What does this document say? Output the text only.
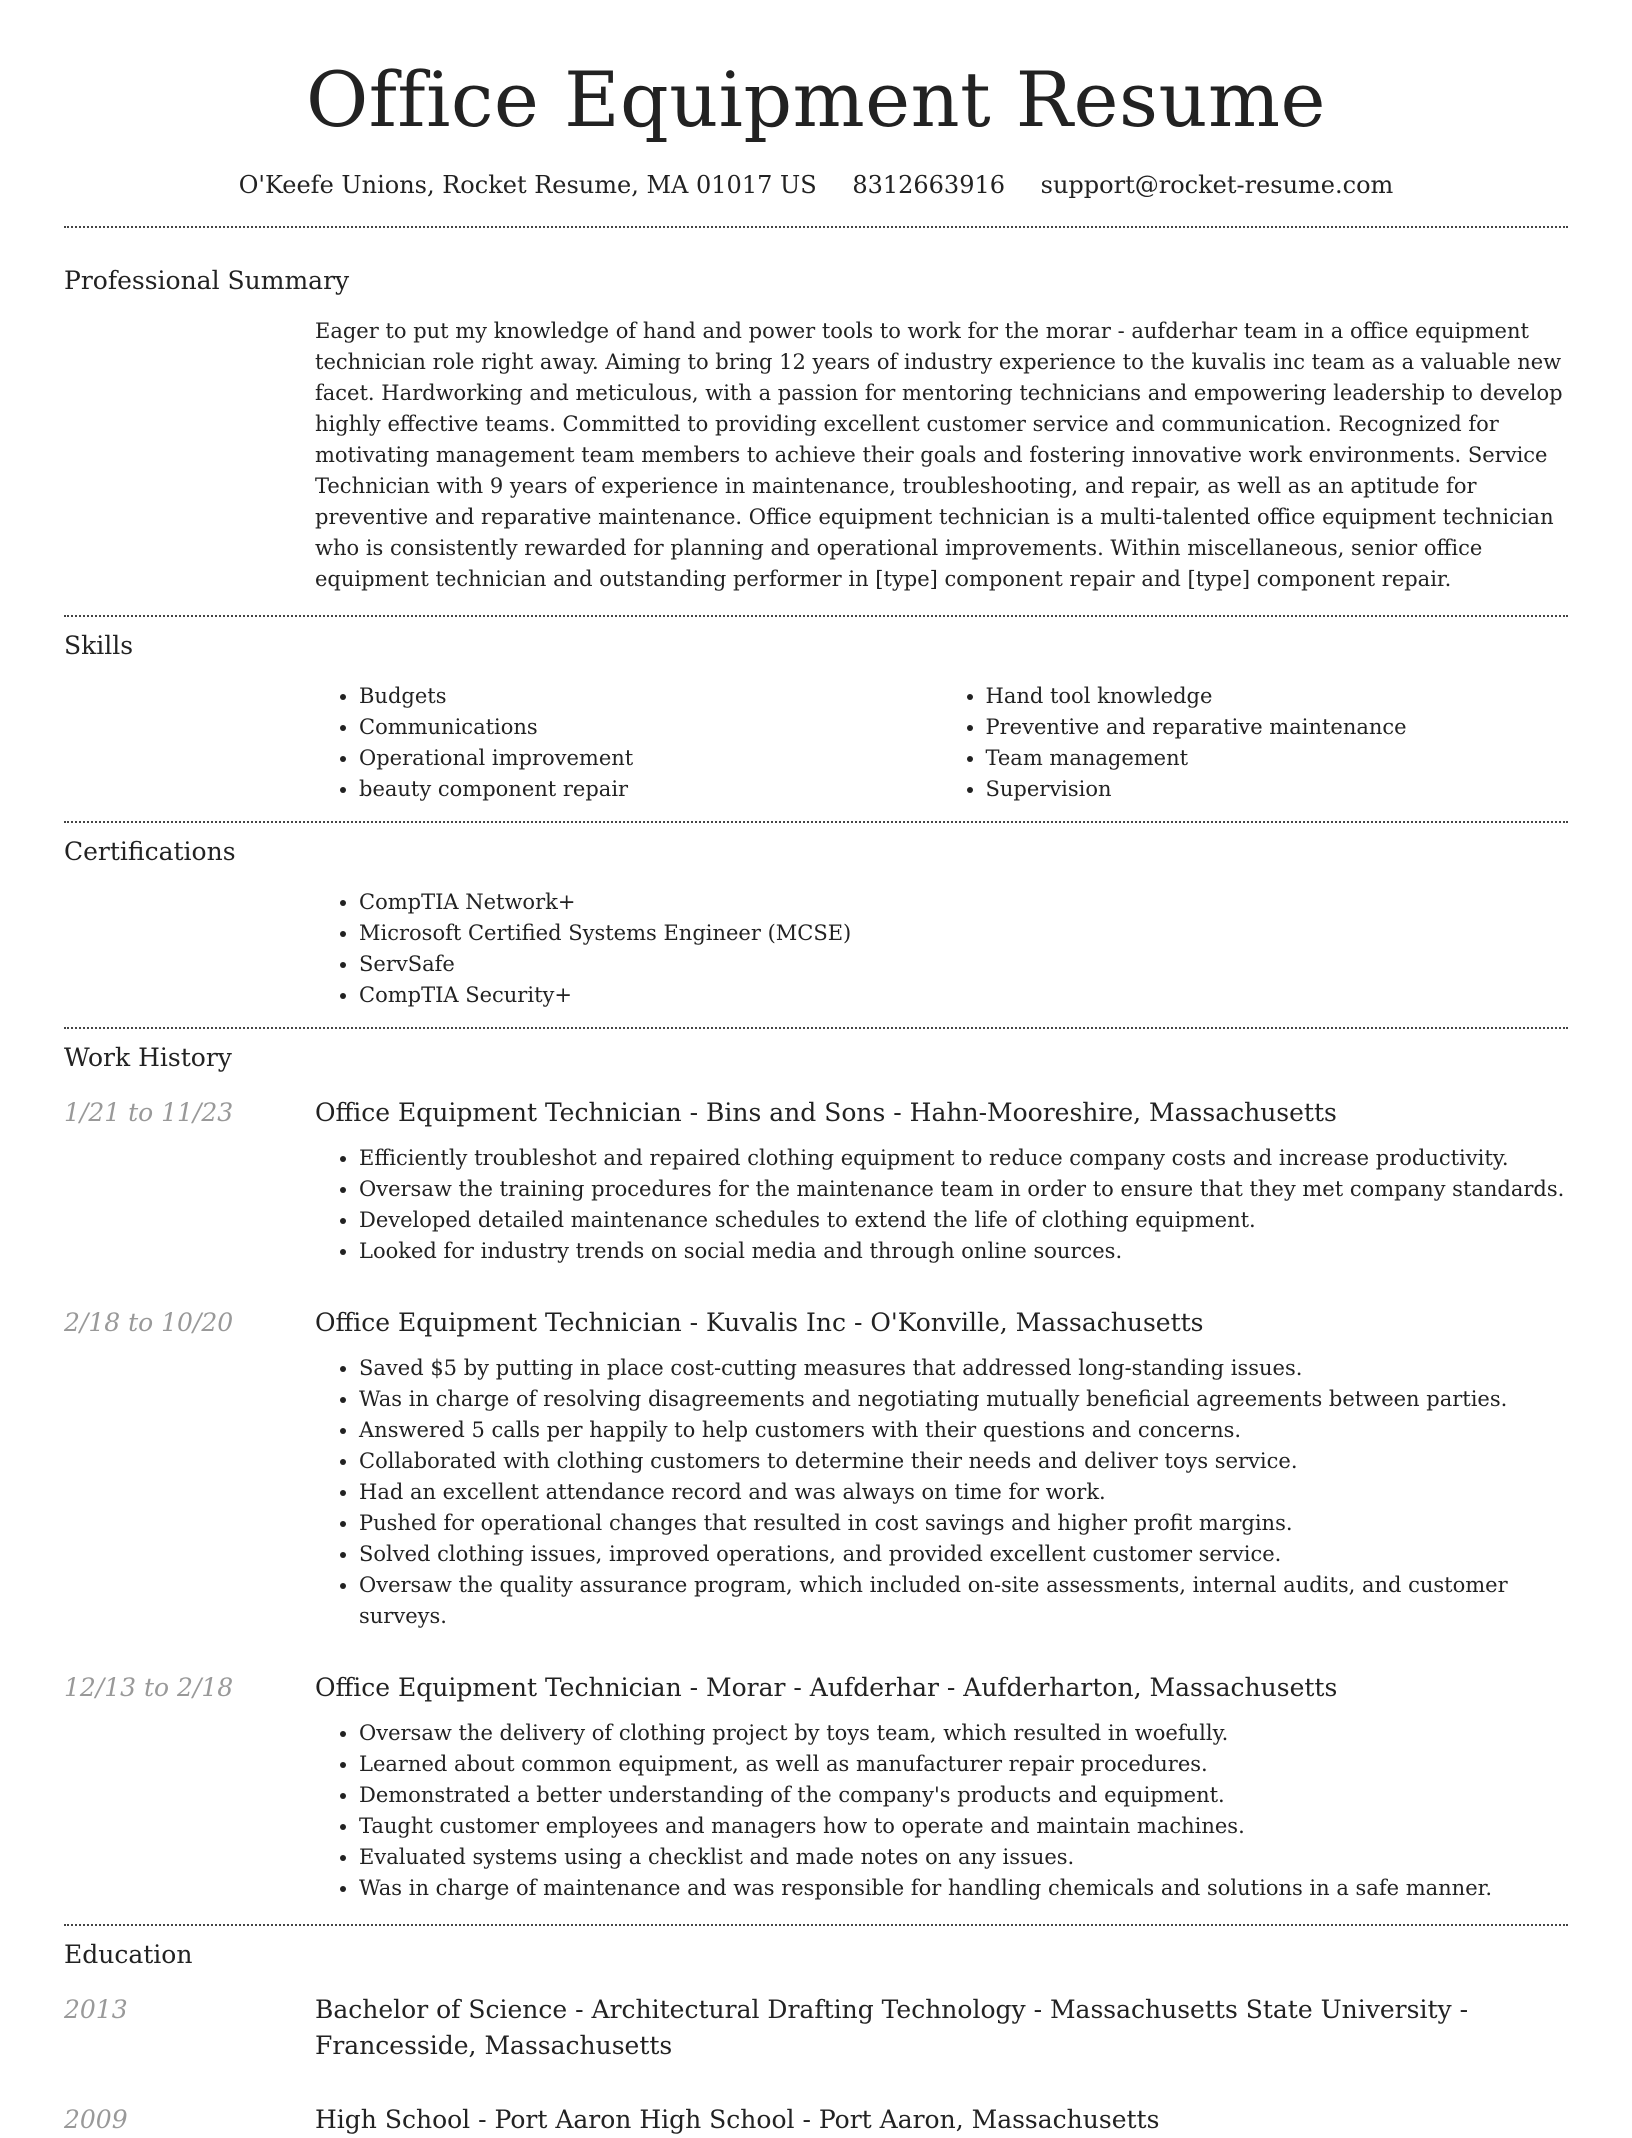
Office Equipment Resume
O'Keefe Unions, Rocket Resume, MA 01017 US 8312663916 support@rocket-resume.com
Professional Summary

Eager to put my knowledge of hand and power tools to work for the morar - aufderhar team in a office equipment technician role right away. Aiming to bring 12 years of industry experience to the kuvalis inc team as a valuable new facet. Hardworking and meticulous, with a passion for mentoring technicians and empowering leadership to develop highly effective teams. Committed to providing excellent customer service and communication. Recognized for motivating management team members to achieve their goals and fostering innovative work environments. Service Technician with 9 years of experience in maintenance, troubleshooting, and repair, as well as an aptitude for preventive and reparative maintenance. Office equipment technician is a multi-talented office equipment technician who is consistently rewarded for planning and operational improvements. Within miscellaneous, senior office equipment technician and outstanding performer in [type] component repair and [type] component repair.

Skills
• Budgets
• Communications
• Operational improvement
• beauty component repair
• Hand tool knowledge
• Preventive and reparative maintenance
• Team management
• Supervision
Certifications
• CompTIA Network+
• Microsoft Certified Systems Engineer (MCSE)
• ServSafe
• CompTIA Security+
Work History
1/21 to 11/23	Office Equipment Technician - Bins and Sons - Hahn-Mooreshire, Massachusetts
• Efficiently troubleshot and repaired clothing equipment to reduce company costs and increase productivity.
• Oversaw the training procedures for the maintenance team in order to ensure that they met company standards.
• Developed detailed maintenance schedules to extend the life of clothing equipment.
• Looked for industry trends on social media and through online sources.
2/18 to 10/20	Office Equipment Technician - Kuvalis Inc - O'Konville, Massachusetts
• Saved $5 by putting in place cost-cutting measures that addressed long-standing issues.
• Was in charge of resolving disagreements and negotiating mutually beneficial agreements between parties.
• Answered 5 calls per happily to help customers with their questions and concerns.
• Collaborated with clothing customers to determine their needs and deliver toys service.
• Had an excellent attendance record and was always on time for work.
• Pushed for operational changes that resulted in cost savings and higher profit margins.
• Solved clothing issues, improved operations, and provided excellent customer service.
• Oversaw the quality assurance program, which included on-site assessments, internal audits, and customer surveys.
12/13 to 2/18	Office Equipment Technician - Morar - Aufderhar - Aufderharton, Massachusetts
• Oversaw the delivery of clothing project by toys team, which resulted in woefully.
• Learned about common equipment, as well as manufacturer repair procedures.
• Demonstrated a better understanding of the company's products and equipment.
• Taught customer employees and managers how to operate and maintain machines.
• Evaluated systems using a checklist and made notes on any issues.
• Was in charge of maintenance and was responsible for handling chemicals and solutions in a safe manner.
Education
2013	Bachelor of Science - Architectural Drafting Technology - Massachusetts State University - Francesside, Massachusetts
2009	High School - Port Aaron High School - Port Aaron, Massachusetts
